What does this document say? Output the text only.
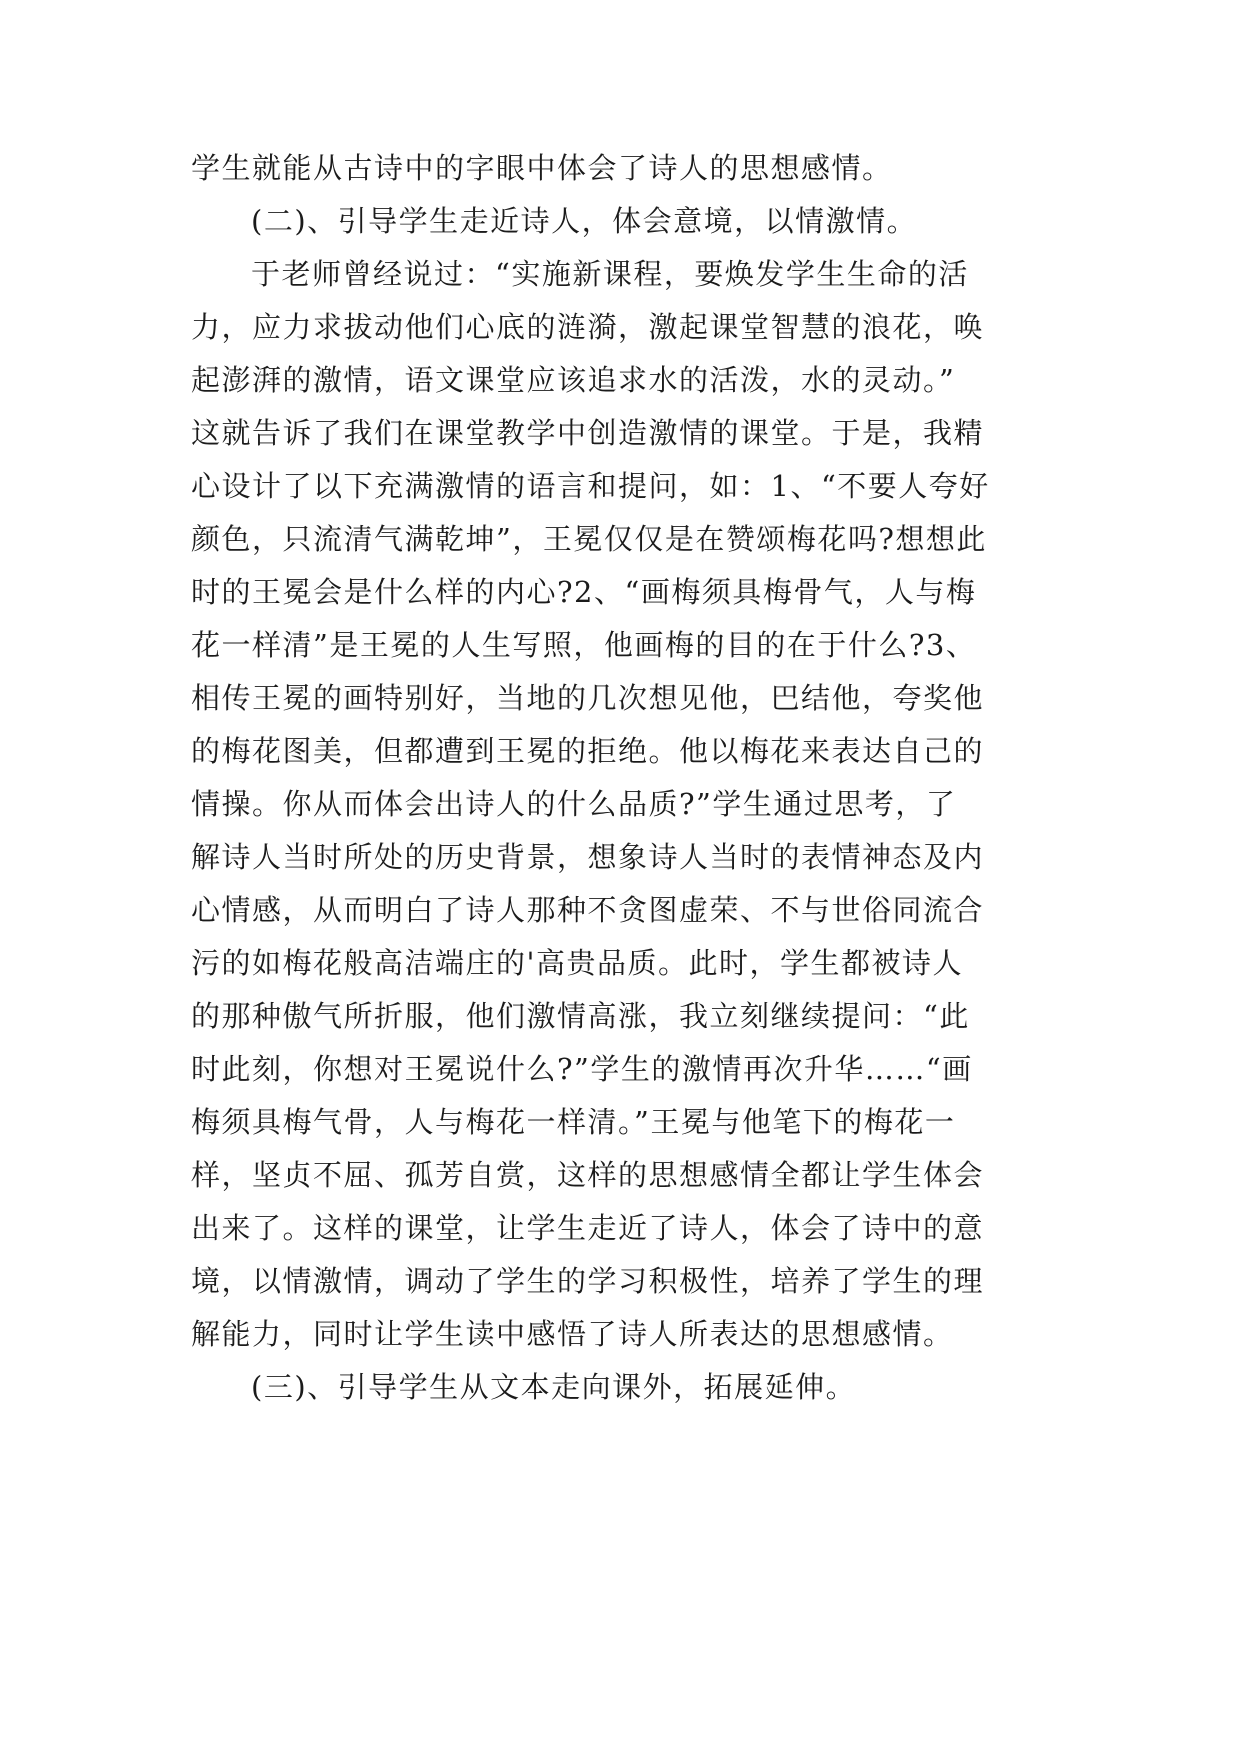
学生就能从古诗中的字眼中体会了诗人的思想感情。
(二)、引导学生走近诗人，体会意境，以情激情。
于老师曾经说过：“实施新课程，要焕发学生生命的活
力，应力求拔动他们心底的涟漪，激起课堂智慧的浪花，唤
起澎湃的激情，语文课堂应该追求水的活泼，水的灵动。”
这就告诉了我们在课堂教学中创造激情的课堂。于是，我精
心设计了以下充满激情的语言和提问，如：1、“不要人夸好
颜色，只流清气满乾坤”，王冕仅仅是在赞颂梅花吗?想想此
时的王冕会是什么样的内心?2、“画梅须具梅骨气，人与梅
花一样清”是王冕的人生写照，他画梅的目的在于什么?3、
相传王冕的画特别好，当地的几次想见他，巴结他，夸奖他
的梅花图美，但都遭到王冕的拒绝。他以梅花来表达自己的
情操。你从而体会出诗人的什么品质?”学生通过思考，了
解诗人当时所处的历史背景，想象诗人当时的表情神态及内
心情感，从而明白了诗人那种不贪图虚荣、不与世俗同流合
污的如梅花般高洁端庄的'高贵品质。此时，学生都被诗人
的那种傲气所折服，他们激情高涨，我立刻继续提问：“此
时此刻，你想对王冕说什么?”学生的激情再次升华……“画
梅须具梅气骨，人与梅花一样清。”王冕与他笔下的梅花一
样，坚贞不屈、孤芳自赏，这样的思想感情全都让学生体会
出来了。这样的课堂，让学生走近了诗人，体会了诗中的意
境，以情激情，调动了学生的学习积极性，培养了学生的理
解能力，同时让学生读中感悟了诗人所表达的思想感情。
(三)、引导学生从文本走向课外，拓展延伸。
